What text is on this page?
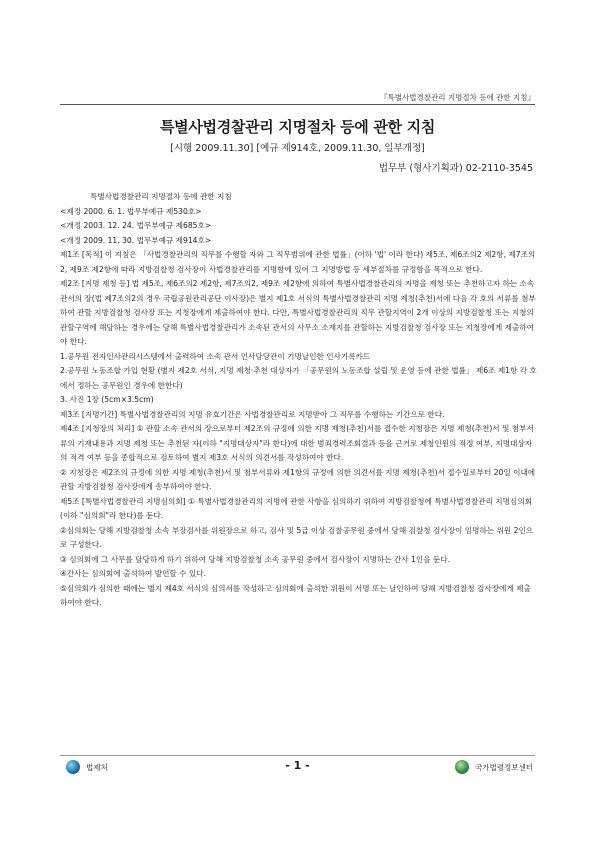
『특별사법경찰관리 지명절차 등에 관한 지침』
특별사법경찰관리 지명절차 등에 관한 지침
[시행 2009.11.30] [예규 제914호, 2009.11.30, 일부개정]
법무부 (형사기획과) 02-2110-3545

특별사법경찰관리 지명절차 등에 관한 지침

<제정 2000. 6. 1. 법무부예규 제530호>

<개정 2003. 12. 24. 법무부예규 제685호>

<개정 2009. 11. 30. 법무부예규 제914호>

제1조 [목적] 이 지침은 「사법경찰관리의 직무를 수행할 자와 그 직무범위에 관한 법률」(이하 '법' 이라 한다) 제5조, 제6조의2 제2항, 제7조의2, 제9조 제2항에 따라 지방검찰청 검사장이 사법경찰관리를 지명함에 있어 그 지명방법 등 세부절차를 규정함을 목적으로 한다.

제2조 [지명 제청 등] 법 제5조, 제6조의2 제2항, 제7조의2, 제9조 제2항에 의하여 특별사법경찰관리의 지명을 제청 또는 추천하고자 하는 소속 관서의 장(법 제7조의2의 경우 국립공원관리공단 이사장)은 별지 제1호 서식의 특별사법경찰관리 지명 제청(추천)서에 다음 각 호의 서류를 첨부하여 관할 지방검찰청 검사장 또는 지청장에게 제출하여야 한다. 다만, 특별사법경찰관리의 직무 관할지역이 2개 이상의 지방검찰청 또는 지청의 관할구역에 해당하는 경우에는 당해 특별사법경찰관리가 소속된 관서의 사무소 소재지를 관할하는 지방검찰청 검사장 또는 지청장에게 제출하여야 한다.

1.공무원 전자인사관리시스템에서 출력하여 소속 관서 인사담당관이 기명날인한 인사기록카드

2.공무원 노동조합 가입 현황 (별지 제2호 서식, 지명 제청·추천 대상자가 「공무원의 노동조합 설립 및 운영 등에 관한 법률」 제6조 제1항 각 호에서 정하는 공무원인 경우에 한한다)

3. 사진 1장 (5cm×3.5cm)

제3조 [지명기간] 특별사법경찰관리의 지명 유효기간은 사법경찰관리로 지명받아 그 직무를 수행하는 기간으로 한다.

제4조 [지청장의 처리] ① 관할 소속 관서의 장으로부터 제2조의 규정에 의한 지명 제청(추천)서를 접수한 지청장은 지명 제청(추천)서 및 첨부서류의 기재내용과 지명 제청 또는 추천된 자(이하 "지명대상자"라 한다)에 대한 범죄경력조회결과 등을 근거로 제청인원의 적정 여부, 지명대상자의 적격 여부 등을 종합적으로 검토하여 별지 제3호 서식의 의견서를 작성하여야 한다.

② 지청장은 제2조의 규정에 의한 지명 제청(추천)서 및 첨부서류와 제1항의 규정에 의한 의견서를 지명 제청(추천)서 접수일로부터 20일 이내에 관할 지방검찰청 검사장에게 송부하여야 한다.

제5조 [특별사법경찰관리 지명심의회] ① 특별사법경찰관리의 지명에 관한 사항을 심의하기 위하여 지방검찰청에 특별사법경찰관리 지명심의회(이하 "심의회"라 한다)를 둔다.

②심의회는 당해 지방검찰청 소속 부장검사를 위원장으로 하고, 검사 및 5급 이상 검찰공무원 중에서 당해 검찰청 검사장이 임명하는 위원 2인으로 구성한다.

③ 심의회에 그 사무를 담당하게 하기 위하여 당해 지방검찰청 소속 공무원 중에서 검사장이 지명하는 간사 1인을 둔다.

④간사는 심의회에 출석하여 발언할 수 있다.

⑤심의회가 심의한 때에는 별지 제4호 서식의 심의서를 작성하고 심의회에 출석한 위원이 서명 또는 날인하여 당해 지방검찰청 검사장에게 제출하여야 한다.

법제처	- 1 -	국가법령정보센터
